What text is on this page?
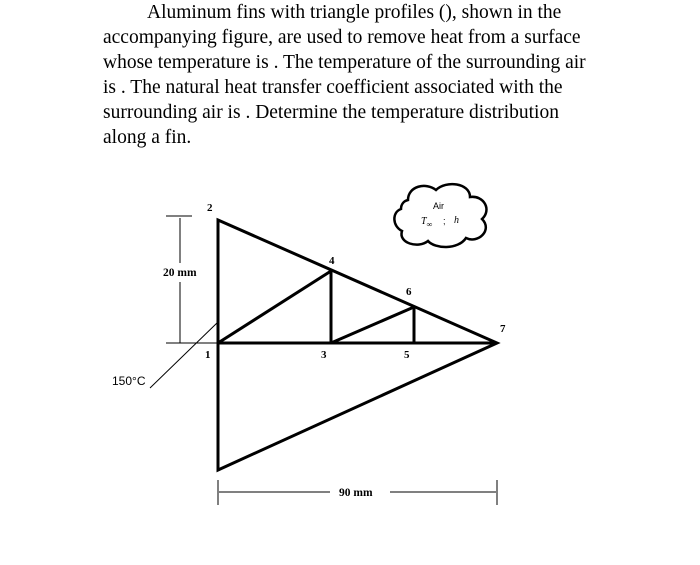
Aluminum fins with triangle profiles (), shown in the accompanying figure, are used to remove heat from a surface whose temperature is . The temperature of the surrounding air is . The natural heat transfer coefficient associated with the surrounding air is . Determine the temperature distribution along a fin.

1
2
3
4
5
6
7
20 mm
90 mm
150°C
Air
$T_\infty$ ; h
